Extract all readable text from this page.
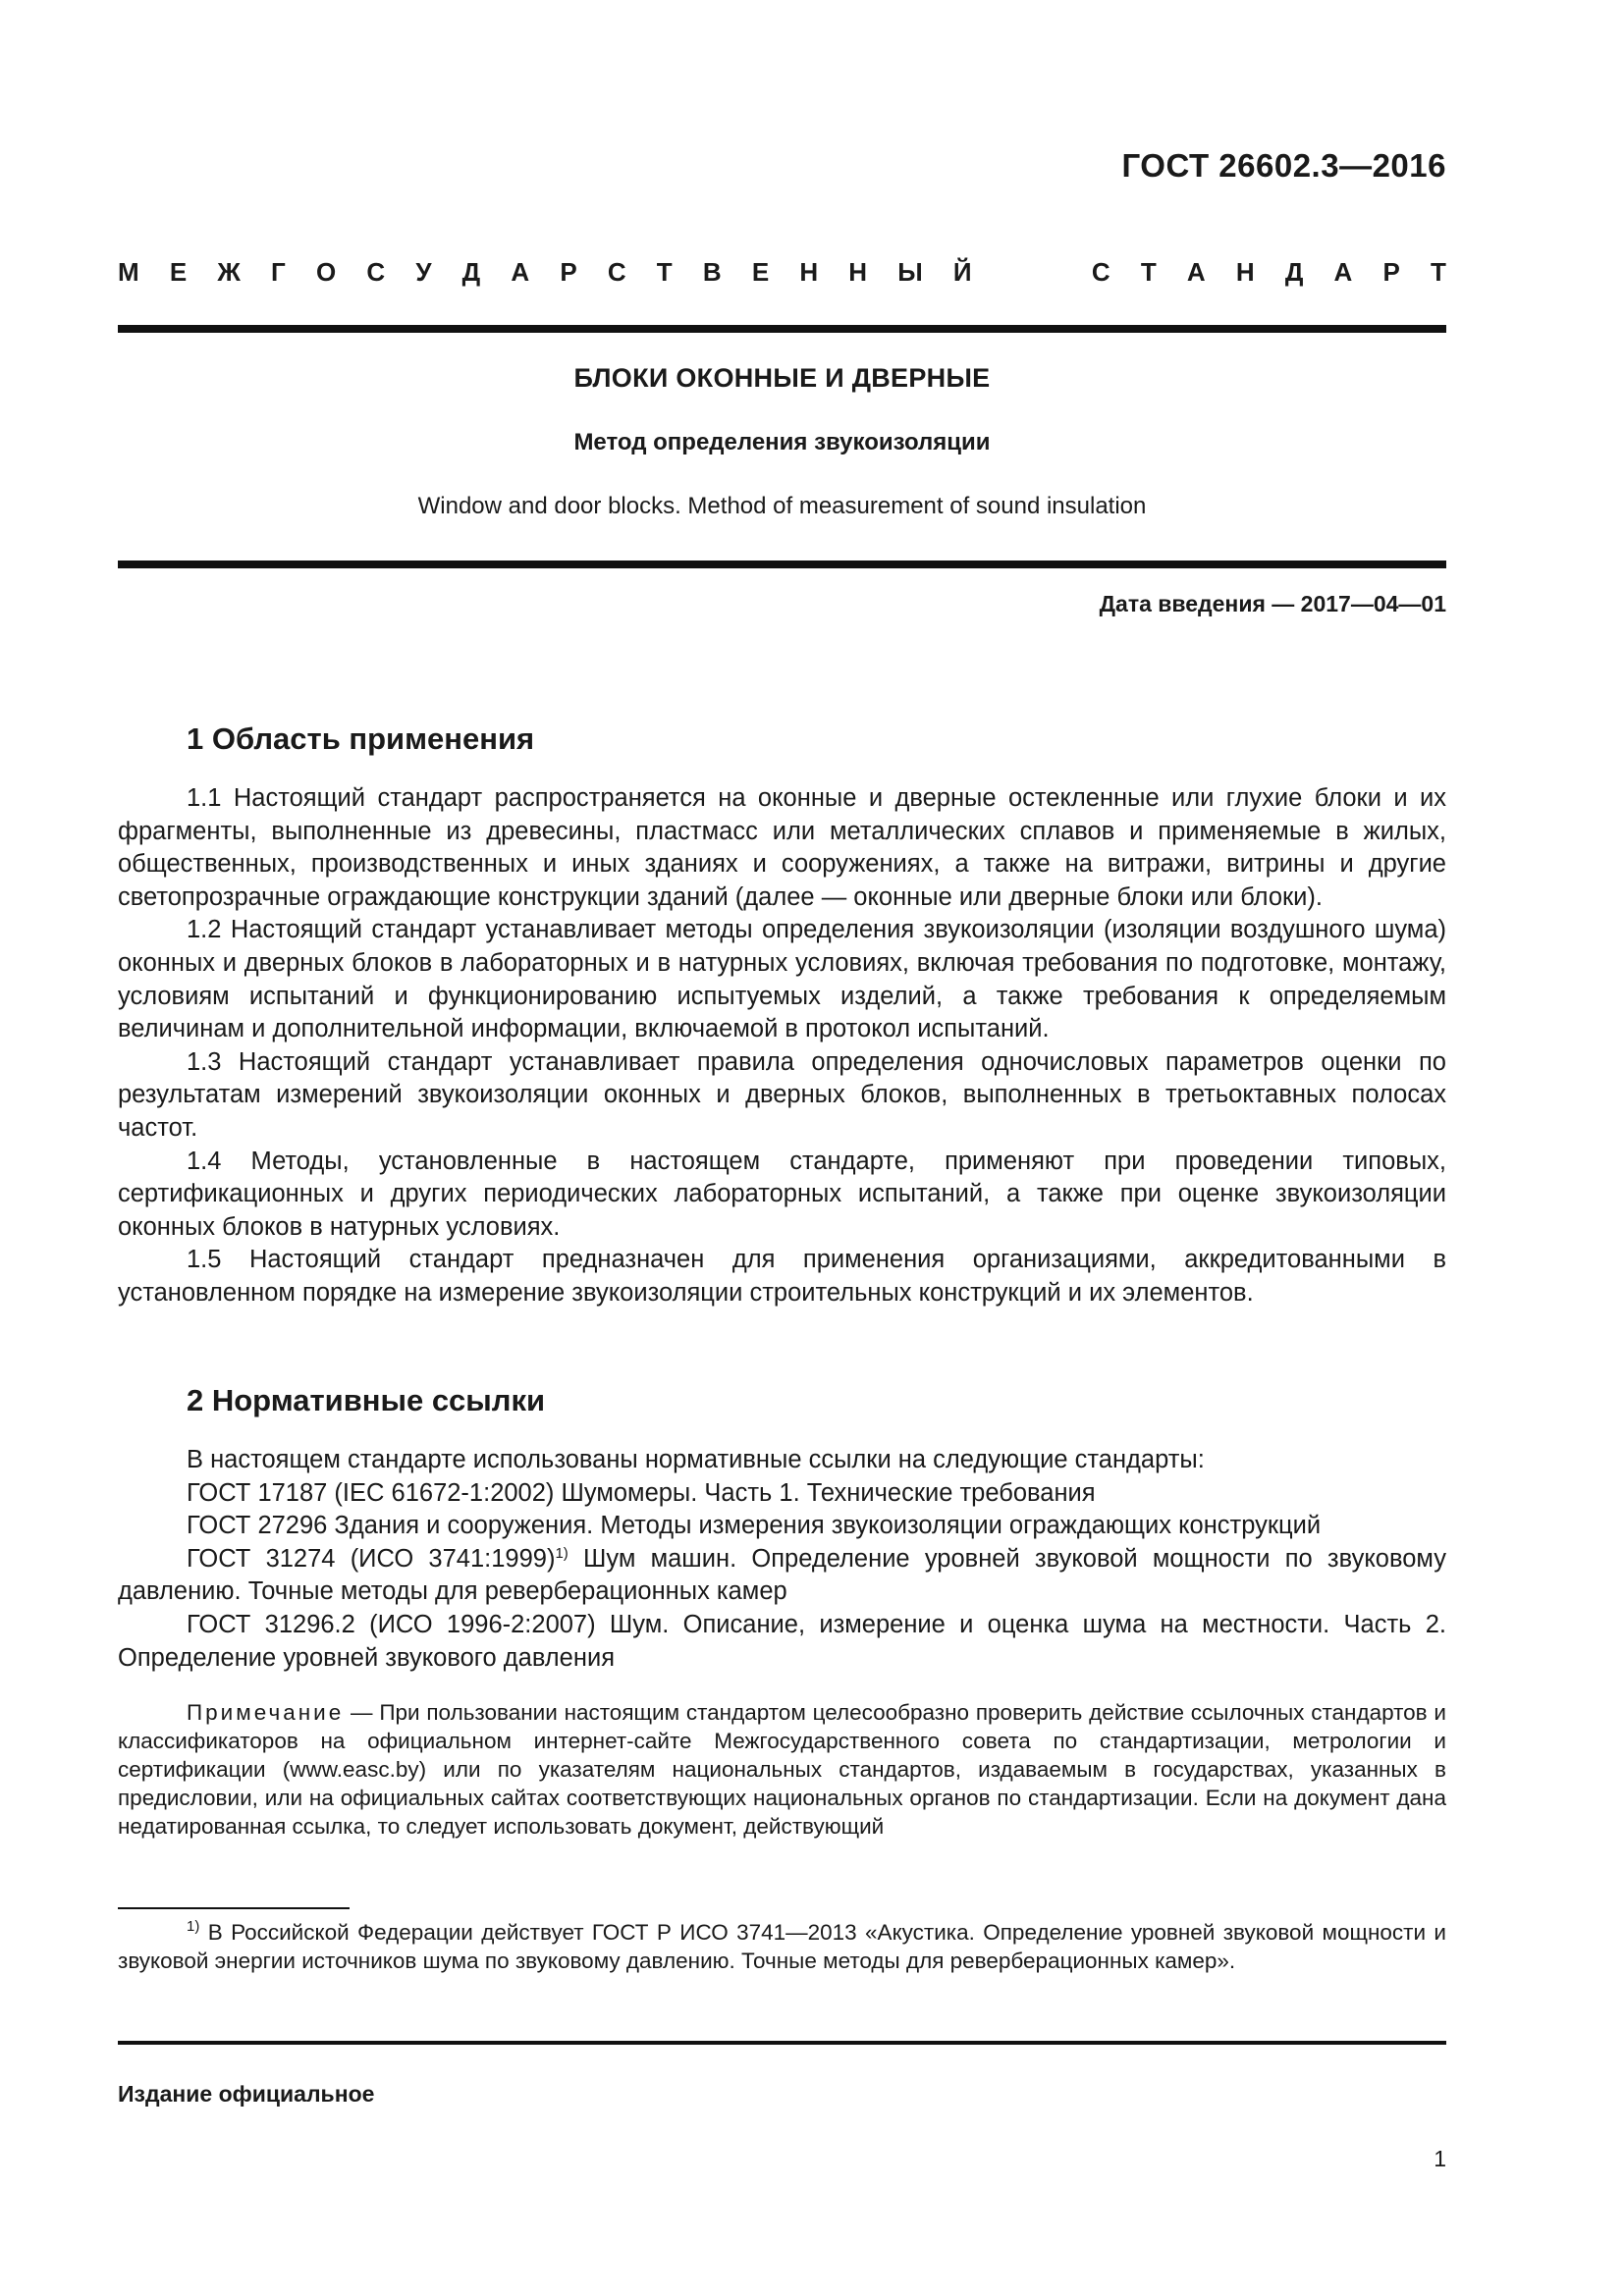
ГОСТ 26602.3—2016
М Е Ж Г О С У Д А Р С Т В Е Н Н Ы Й	С Т А Н Д А Р Т
БЛОКИ ОКОННЫЕ И ДВЕРНЫЕ
Метод определения звукоизоляции
Window and door blocks. Method of measurement of sound insulation
Дата введения — 2017—04—01
1 Область применения

1.1 Настоящий стандарт распространяется на оконные и дверные остекленные или глухие блоки и их фрагменты, выполненные из древесины, пластмасс или металлических сплавов и применяемые в жилых, общественных, производственных и иных зданиях и сооружениях, а также на витражи, витрины и другие светопрозрачные ограждающие конструкции зданий (далее — оконные или дверные блоки или блоки).

1.2 Настоящий стандарт устанавливает методы определения звукоизоляции (изоляции воздушного шума) оконных и дверных блоков в лабораторных и в натурных условиях, включая требования по подготовке, монтажу, условиям испытаний и функционированию испытуемых изделий, а также требования к определяемым величинам и дополнительной информации, включаемой в протокол испытаний.

1.3 Настоящий стандарт устанавливает правила определения одночисловых параметров оценки по результатам измерений звукоизоляции оконных и дверных блоков, выполненных в третьоктавных полосах частот.

1.4 Методы, установленные в настоящем стандарте, применяют при проведении типовых, сертификационных и других периодических лабораторных испытаний, а также при оценке звукоизоляции оконных блоков в натурных условиях.

1.5 Настоящий стандарт предназначен для применения организациями, аккредитованными в установленном порядке на измерение звукоизоляции строительных конструкций и их элементов.

2 Нормативные ссылки

В настоящем стандарте использованы нормативные ссылки на следующие стандарты:

ГОСТ 17187 (IEC 61672-1:2002) Шумомеры. Часть 1. Технические требования

ГОСТ 27296 Здания и сооружения. Методы измерения звукоизоляции ограждающих конструкций

ГОСТ 31274 (ИСО 3741:1999)$^{1)}$ Шум машин. Определение уровней звуковой мощности по звуковому давлению. Точные методы для реверберационных камер

ГОСТ 31296.2 (ИСО 1996-2:2007) Шум. Описание, измерение и оценка шума на местности. Часть 2. Определение уровней звукового давления

Примечание — При пользовании настоящим стандартом целесообразно проверить действие ссылочных стандартов и классификаторов на официальном интернет-сайте Межгосударственного совета по стандартизации, метрологии и сертификации (www.easc.by) или по указателям национальных стандартов, издаваемым в государствах, указанных в предисловии, или на официальных сайтах соответствующих национальных органов по стандартизации. Если на документ дана недатированная ссылка, то следует использовать документ, действующий

$^{1)}$ В Российской Федерации действует ГОСТ Р ИСО 3741—2013 «Акустика. Определение уровней звуковой мощности и звуковой энергии источников шума по звуковому давлению. Точные методы для реверберационных камер».

Издание официальное
1
